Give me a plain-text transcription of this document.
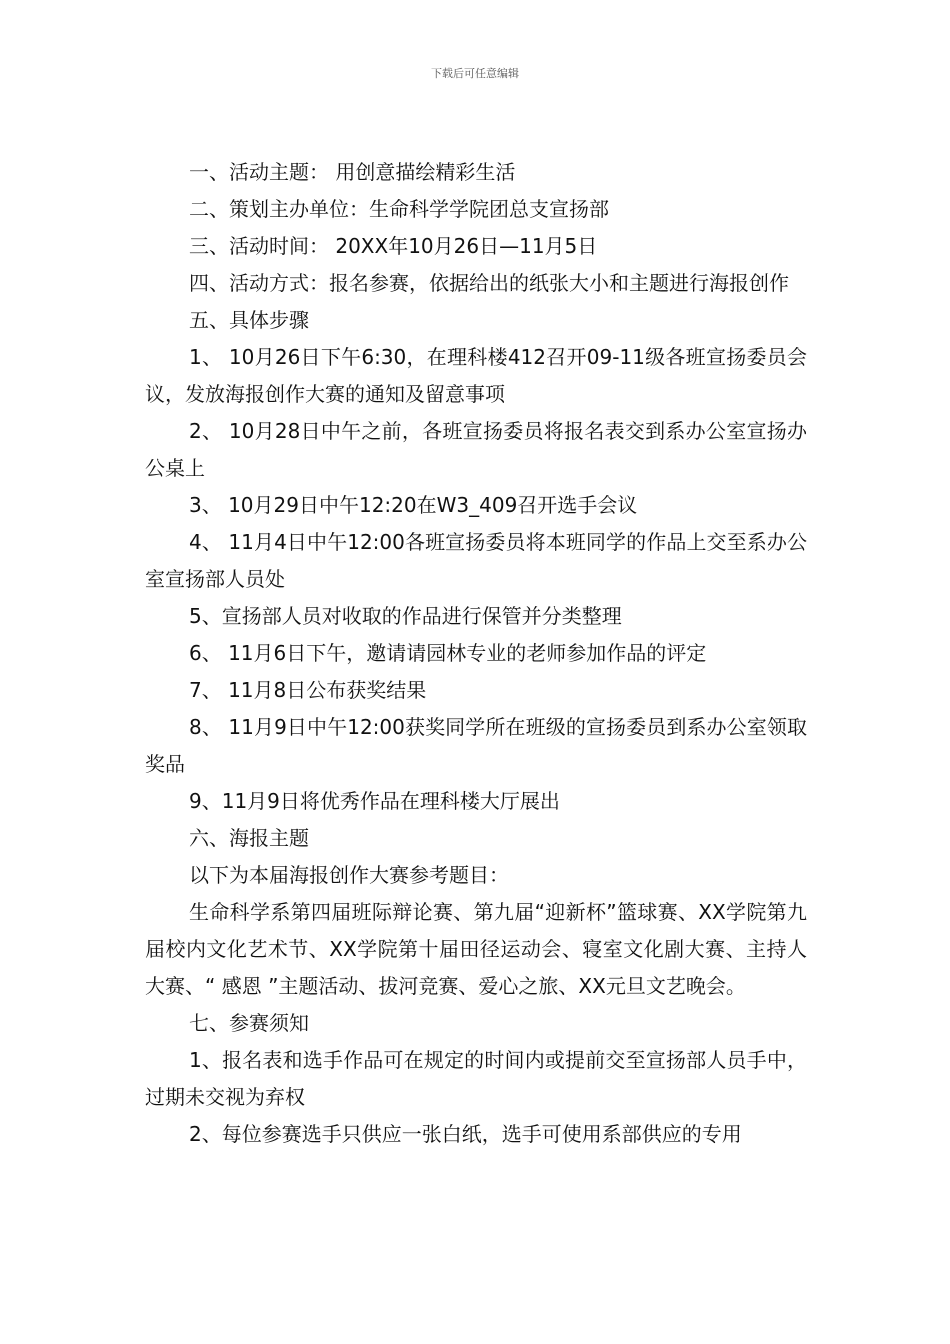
下载后可任意编辑

一、活动主题： 用创意描绘精彩生活

二、策划主办单位：生命科学学院团总支宣扬部

三、活动时间： 20XX年10月26日—11月5日

四、活动方式：报名参赛，依据给出的纸张大小和主题进行海报创作

五、具体步骤

1、 10月26日下午6:30，在理科楼412召开09-11级各班宣扬委员会议，发放海报创作大赛的通知及留意事项

2、 10月28日中午之前，各班宣扬委员将报名表交到系办公室宣扬办公桌上

3、 10月29日中午12:20在W3_409召开选手会议

4、 11月4日中午12:00各班宣扬委员将本班同学的作品上交至系办公室宣扬部人员处

5、宣扬部人员对收取的作品进行保管并分类整理

6、 11月6日下午，邀请请园林专业的老师参加作品的评定

7、 11月8日公布获奖结果

8、 11月9日中午12:00获奖同学所在班级的宣扬委员到系办公室领取奖品

9、11月9日将优秀作品在理科楼大厅展出

六、海报主题

以下为本届海报创作大赛参考题目：

生命科学系第四届班际辩论赛、第九届“迎新杯”篮球赛、XX学院第九届校内文化艺术节、XX学院第十届田径运动会、寝室文化剧大赛、主持人大赛、“ 感恩 ”主题活动、拔河竞赛、爱心之旅、XX元旦文艺晚会。

七、参赛须知

1、报名表和选手作品可在规定的时间内或提前交至宣扬部人员手中，过期未交视为弃权

2、每位参赛选手只供应一张白纸，选手可使用系部供应的专用
